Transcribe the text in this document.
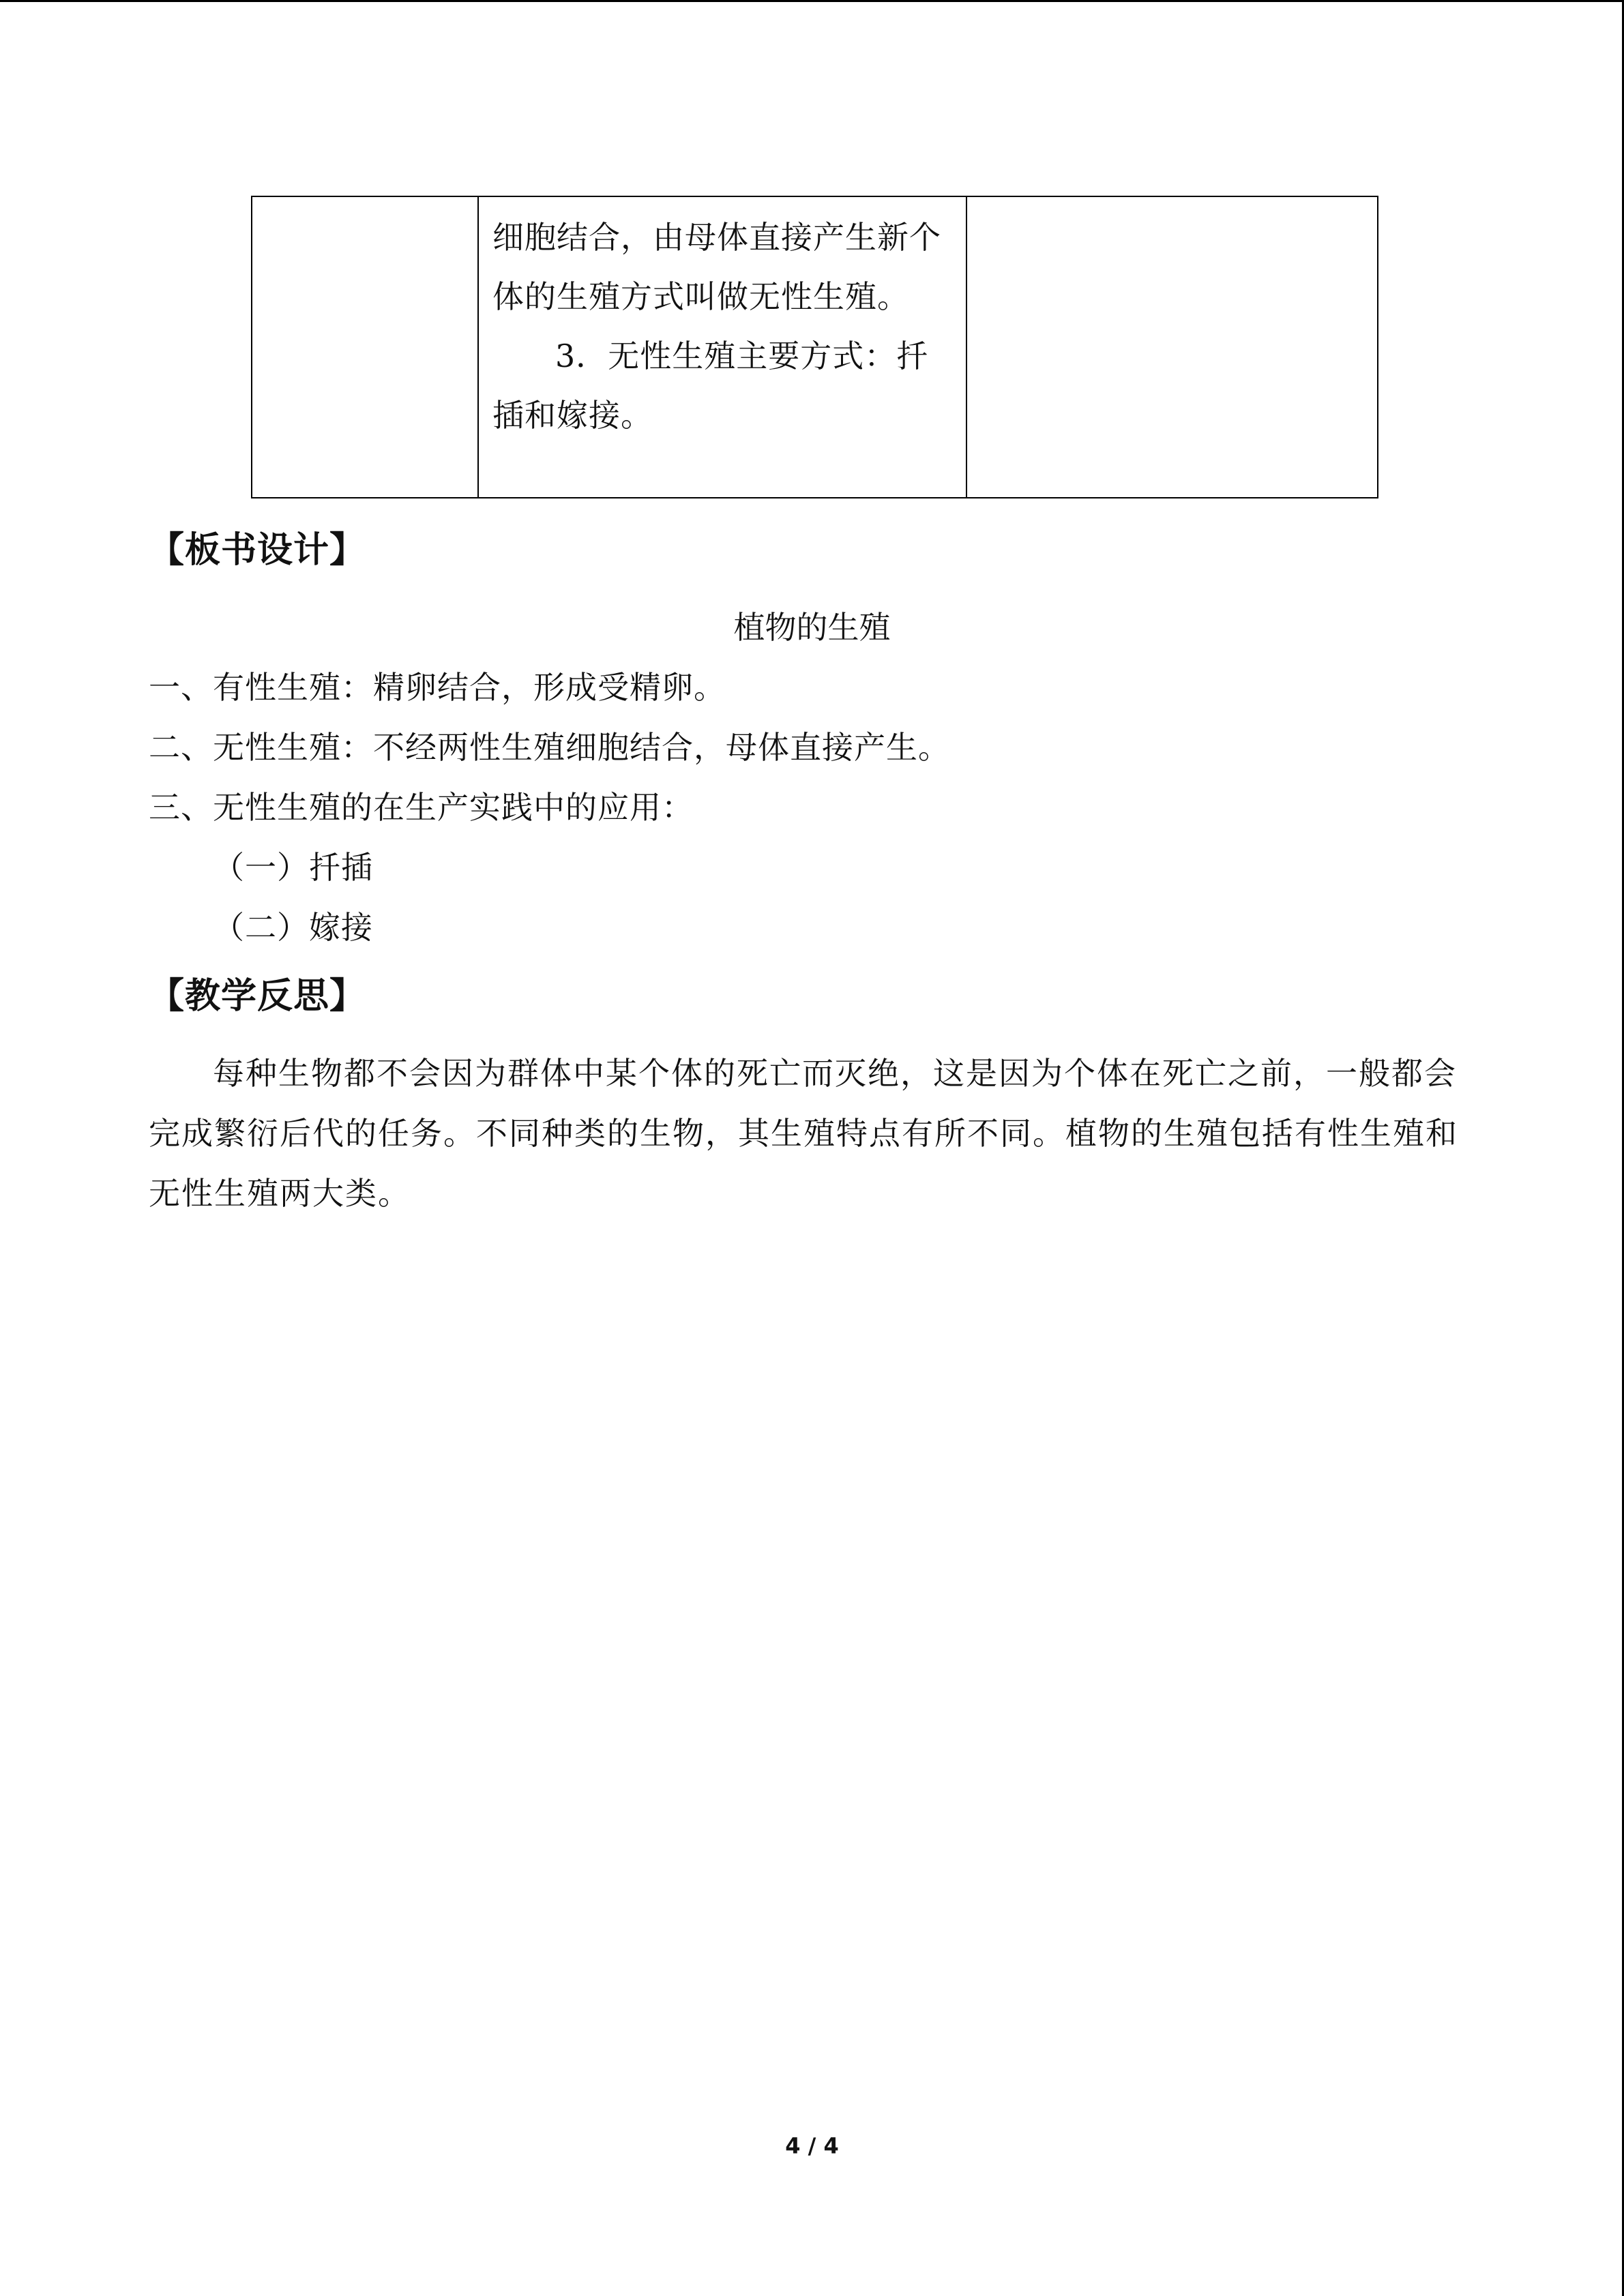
细胞结合，由母体直接产生新个体的生殖方式叫做无性生殖。

3．无性生殖主要方式：扦插和嫁接。

【板书设计】

植物的生殖

一、有性生殖：精卵结合，形成受精卵。

二、无性生殖：不经两性生殖细胞结合，母体直接产生。

三、无性生殖的在生产实践中的应用：

（一）扦插

（二）嫁接

【教学反思】

每种生物都不会因为群体中某个体的死亡而灭绝，这是因为个体在死亡之前，一般都会完成繁衍后代的任务。不同种类的生物，其生殖特点有所不同。植物的生殖包括有性生殖和无性生殖两大类。

4 / 4
